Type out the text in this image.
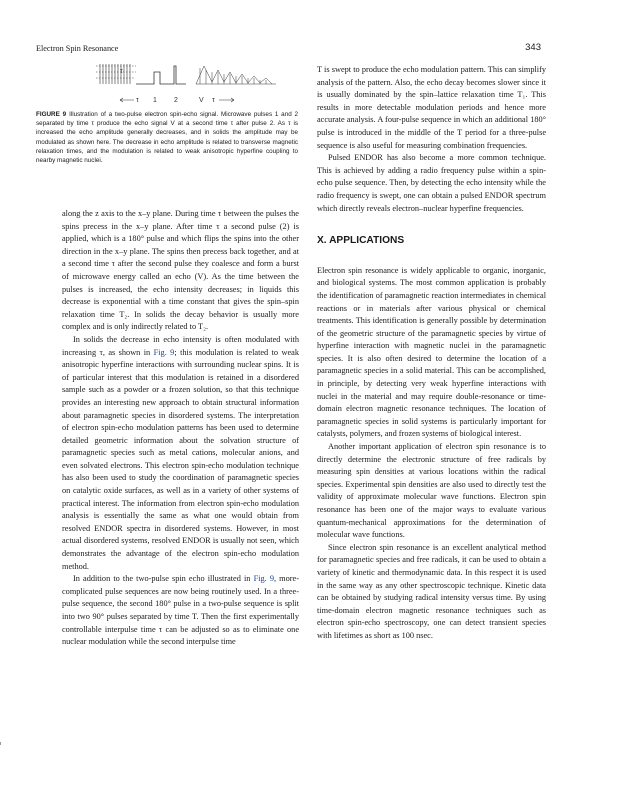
Electron Spin Resonance	343
τ
τ 1 2	V τ

FIGURE 9 Illustration of a two-pulse electron spin-echo signal. Microwave pulses 1 and 2 separated by time τ produce the echo signal V at a second time τ after pulse 2. As τ is increased the echo amplitude generally decreases, and in solids the amplitude may be modulated as shown here. The decrease in echo amplitude is related to transverse magnetic relaxation times, and the modulation is related to weak anisotropic hyperfine coupling to nearby magnetic nuclei.

along the z axis to the x–y plane. During time τ between the pulses the spins precess in the x–y plane. After time τ a second pulse (2) is applied, which is a 180° pulse and which flips the spins into the other direction in the x–y plane. The spins then precess back together, and at a second time τ after the second pulse they coalesce and form a burst of microwave energy called an echo (V). As the time between the pulses is increased, the echo intensity decreases; in liquids this decrease is exponential with a time constant that gives the spin–spin relaxation time T₂. In solids the decay behavior is usually more complex and is only indirectly related to T₂.

In solids the decrease in echo intensity is often modulated with increasing τ, as shown in Fig. 9; this modulation is related to weak anisotropic hyperfine interactions with surrounding nuclear spins. It is of particular interest that this modulation is retained in a disordered sample such as a powder or a frozen solution, so that this technique provides an interesting new approach to obtain structural information about paramagnetic species in disordered systems. The interpretation of electron spin-echo modulation patterns has been used to determine detailed geometric information about the solvation structure of paramagnetic species such as metal cations, molecular anions, and even solvated electrons. This electron spin-echo modulation technique has also been used to study the coordination of paramagnetic species on catalytic oxide surfaces, as well as in a variety of other systems of practical interest. The information from electron spin-echo modulation analysis is essentially the same as what one would obtain from resolved ENDOR spectra in disordered systems. However, in most actual disordered systems, resolved ENDOR is usually not seen, which demonstrates the advantage of the electron spin-echo modulation method.

In addition to the two-pulse spin echo illustrated in Fig. 9, more-complicated pulse sequences are now being routinely used. In a three-pulse sequence, the second 180° pulse in a two-pulse sequence is split into two 90° pulses separated by time T. Then the first experimentally controllable interpulse time τ can be adjusted so as to eliminate one nuclear modulation while the second interpulse time

T is swept to produce the echo modulation pattern. This can simplify analysis of the pattern. Also, the echo decay becomes slower since it is usually dominated by the spin–lattice relaxation time T₁. This results in more detectable modulation periods and hence more accurate analysis. A four-pulse sequence in which an additional 180° pulse is introduced in the middle of the T period for a three-pulse sequence is also useful for measuring combination frequencies.

Pulsed ENDOR has also become a more common technique. This is achieved by adding a radio frequency pulse within a spin-echo pulse sequence. Then, by detecting the echo intensity while the radio frequency is swept, one can obtain a pulsed ENDOR spectrum which directly reveals electron–nuclear hyperfine frequencies.

X. APPLICATIONS

Electron spin resonance is widely applicable to organic, inorganic, and biological systems. The most common application is probably the identification of paramagnetic reaction intermediates in chemical reactions or in materials after various physical or chemical treatments. This identification is generally possible by determination of the geometric structure of the paramagnetic species by virtue of hyperfine interaction with magnetic nuclei in the paramagnetic species. It is also often desired to determine the location of a paramagnetic species in a solid material. This can be accomplished, in principle, by detecting very weak hyperfine interactions with nuclei in the material and may require double-resonance or time-domain electron magnetic resonance techniques. The location of paramagnetic species in solid systems is particularly important for catalysts, polymers, and frozen systems of biological interest.

Another important application of electron spin resonance is to directly determine the electronic structure of free radicals by measuring spin densities at various locations within the radical species. Experimental spin densities are also used to directly test the validity of approximate molecular wave functions. Electron spin resonance has been one of the major ways to evaluate various quantum-mechanical approximations for the determination of molecular wave functions.

Since electron spin resonance is an excellent analytical method for paramagnetic species and free radicals, it can be used to obtain a variety of kinetic and thermodynamic data. In this respect it is used in the same way as any other spectroscopic technique. Kinetic data can be obtained by studying radical intensity versus time. By using time-domain electron magnetic resonance techniques such as electron spin-echo spectroscopy, one can detect transient species with lifetimes as short as 100 nsec.
